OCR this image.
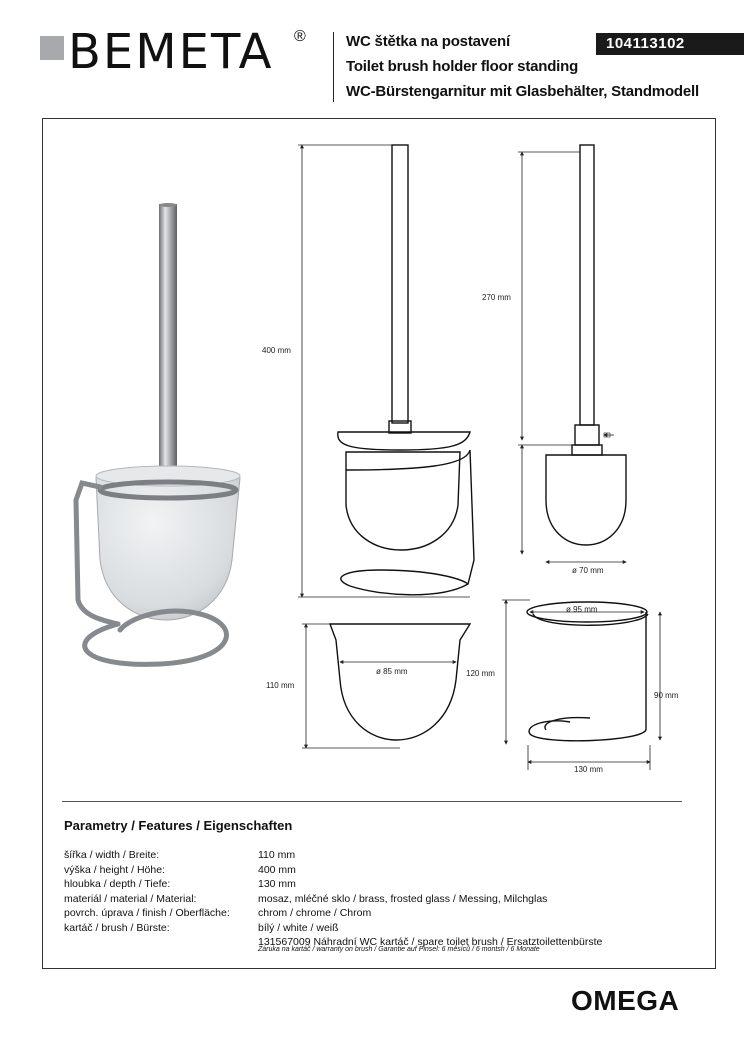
BEMETA ®	WC štětka na postavení
Toilet brush holder floor standing
WC-Bürstengarnitur mit Glasbehälter, Standmodell
104113102
400 mm
270 mm
ø 70 mm
ø 95 mm
ø 85 mm
110 mm
120 mm
90 mm
130 mm
Parametry / Features / Eigenschaften
šířka / width / Breite:	110 mm
výška / height / Höhe:	400 mm
hloubka / depth / Tiefe:	130 mm
materiál / material / Material:	mosaz, mléčné sklo / brass, frosted glass / Messing, Milchglas
povrch. úprava / finish / Oberfläche:	chrom / chrome / Chrom
kartáč / brush / Bürste:	bílý / white / weiß
131567009 Náhradní WC kartáč / spare toilet brush / Ersatztoilettenbürste
Záruka na kartáč / warranty on brush / Garantie auf Pinsel: 6 měsíců / 6 montsh / 6 Monate
OMEGA
